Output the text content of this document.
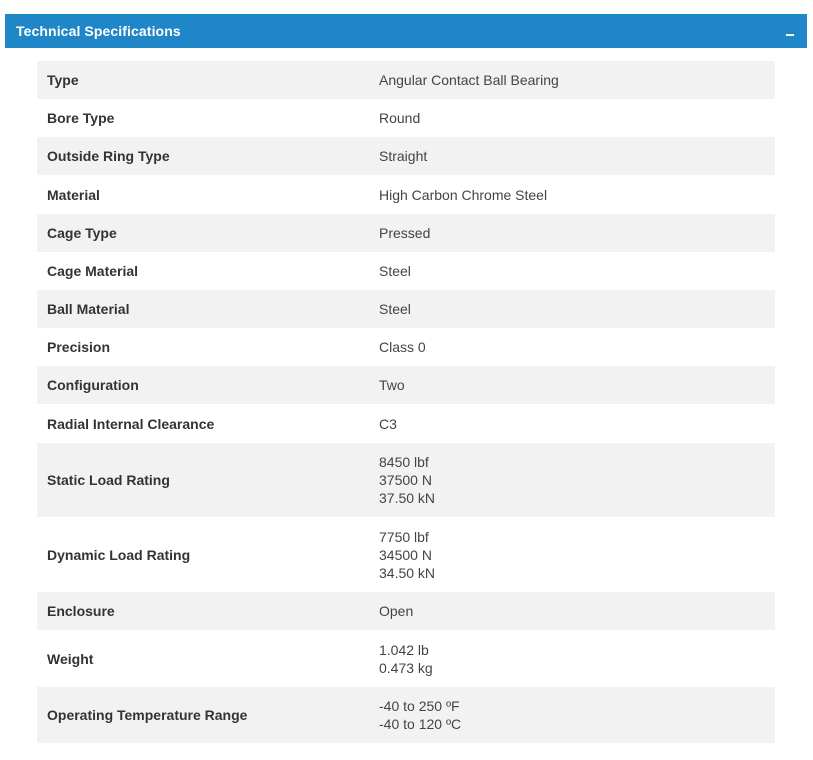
Technical Specifications
Type	Angular Contact Ball Bearing

Bore Type	Round

Outside Ring Type	Straight

Material	High Carbon Chrome Steel

Cage Type	Pressed

Cage Material	Steel

Ball Material	Steel

Precision	Class 0

Configuration	Two

Radial Internal Clearance	C3

Static Load Rating	8450 lbf
37500 N
37.50 kN

Dynamic Load Rating	7750 lbf
34500 N
34.50 kN

Enclosure	Open

Weight	1.042 lb
0.473 kg

Operating Temperature Range	-40 to 250 ºF
-40 to 120 ºC
